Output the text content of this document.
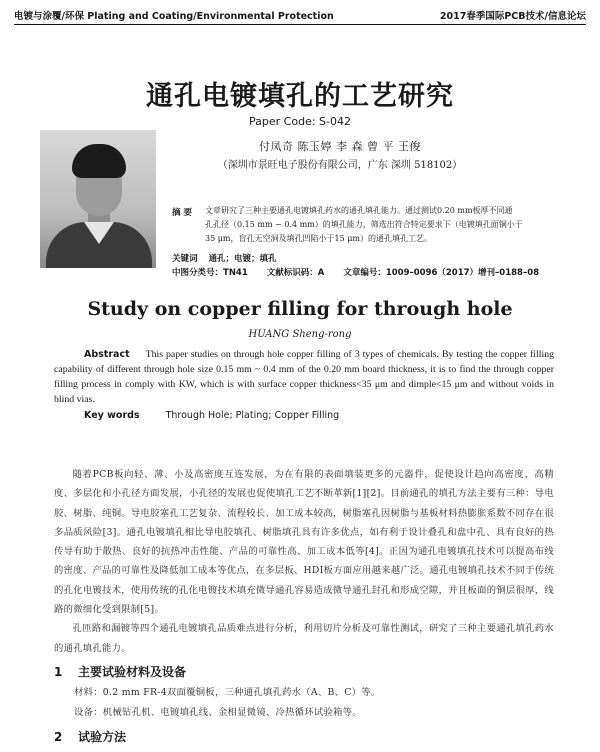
电镀与涂覆/环保 Plating and Coating/Environmental Protection	2017春季国际PCB技术/信息论坛
通孔电镀填孔的工艺研究
Paper Code: S-042
付凤奇 陈玉婷 李 森 曾 平 王俊
（深圳市景旺电子股份有限公司，广东 深圳 518102）
摘 要 文章研究了三种主要通孔电镀填孔药水的通孔填孔能力。通过测试0.20 mm板厚不同通
孔孔径（0.15 mm ~ 0.4 mm）的填孔能力，筛选出符合特定要求下（电镀填孔面铜小于
35 μm，盲孔无空洞及填孔凹陷小于15 μm）的通孔填孔工艺。
关键词 通孔；电镀；填孔
中图分类号：TN41 文献标识码：A 文章编号：1009–0096（2017）增刊–0188–08
Study on copper filling for through hole
HUANG Sheng-rong
Abstract This paper studies on through hole copper filling of 3 types of chemicals. By testing the copper filling capability of different through hole size 0.15 mm ~ 0.4 mm of the 0.20 mm board thickness, it is to find the through copper filling process in comply with KW, which is with surface copper thickness<35 μm and dimple<15 μm and without voids in blind vias.
Key words	Through Hole; Plating; Copper Filling

随着PCB板向轻、薄、小及高密度互连发展，为在有限的表面填装更多的元器件，促使设计趋向高密度、高精度、多层化和小孔径方面发展，小孔径的发展也促使填孔工艺不断革新[1][2]。目前通孔的填孔方法主要有三种：导电胶、树脂、纯铜。导电胶塞孔工艺复杂、流程较长、加工成本较高，树脂塞孔因树脂与基板材料热膨胀系数不同存在很多品质风险[3]。通孔电镀填孔相比导电胶填孔、树脂填孔具有许多优点，如有利于设计叠孔和盘中孔、具有良好的热传导有助于散热、良好的抗热冲击性能、产品的可靠性高、加工成本低等[4]。正因为通孔电镀填孔技术可以提高布线的密度、产品的可靠性及降低加工成本等优点，在多层板、HDI板方面应用越来越广泛。通孔电镀填孔技术不同于传统的孔化电镀技术，使用传统的孔化电镀技术填充微导通孔容易造成微导通孔封孔和形成空隙，并且板面的铜层很厚，线路的微细化受到限制[5]。

孔匝路和漏镀等四个通孔电镀填孔品质难点进行分析，利用切片分析及可靠性测试，研究了三种主要通孔填孔药水的通孔填孔能力。

1 主要试验材料及设备
材料：0.2 mm FR-4双面覆铜板，三种通孔填孔药水（A、B、C）等。
设备：机械钻孔机、电镀填孔线、金相显微镜、冷热循环试验箱等。
2 试验方法
